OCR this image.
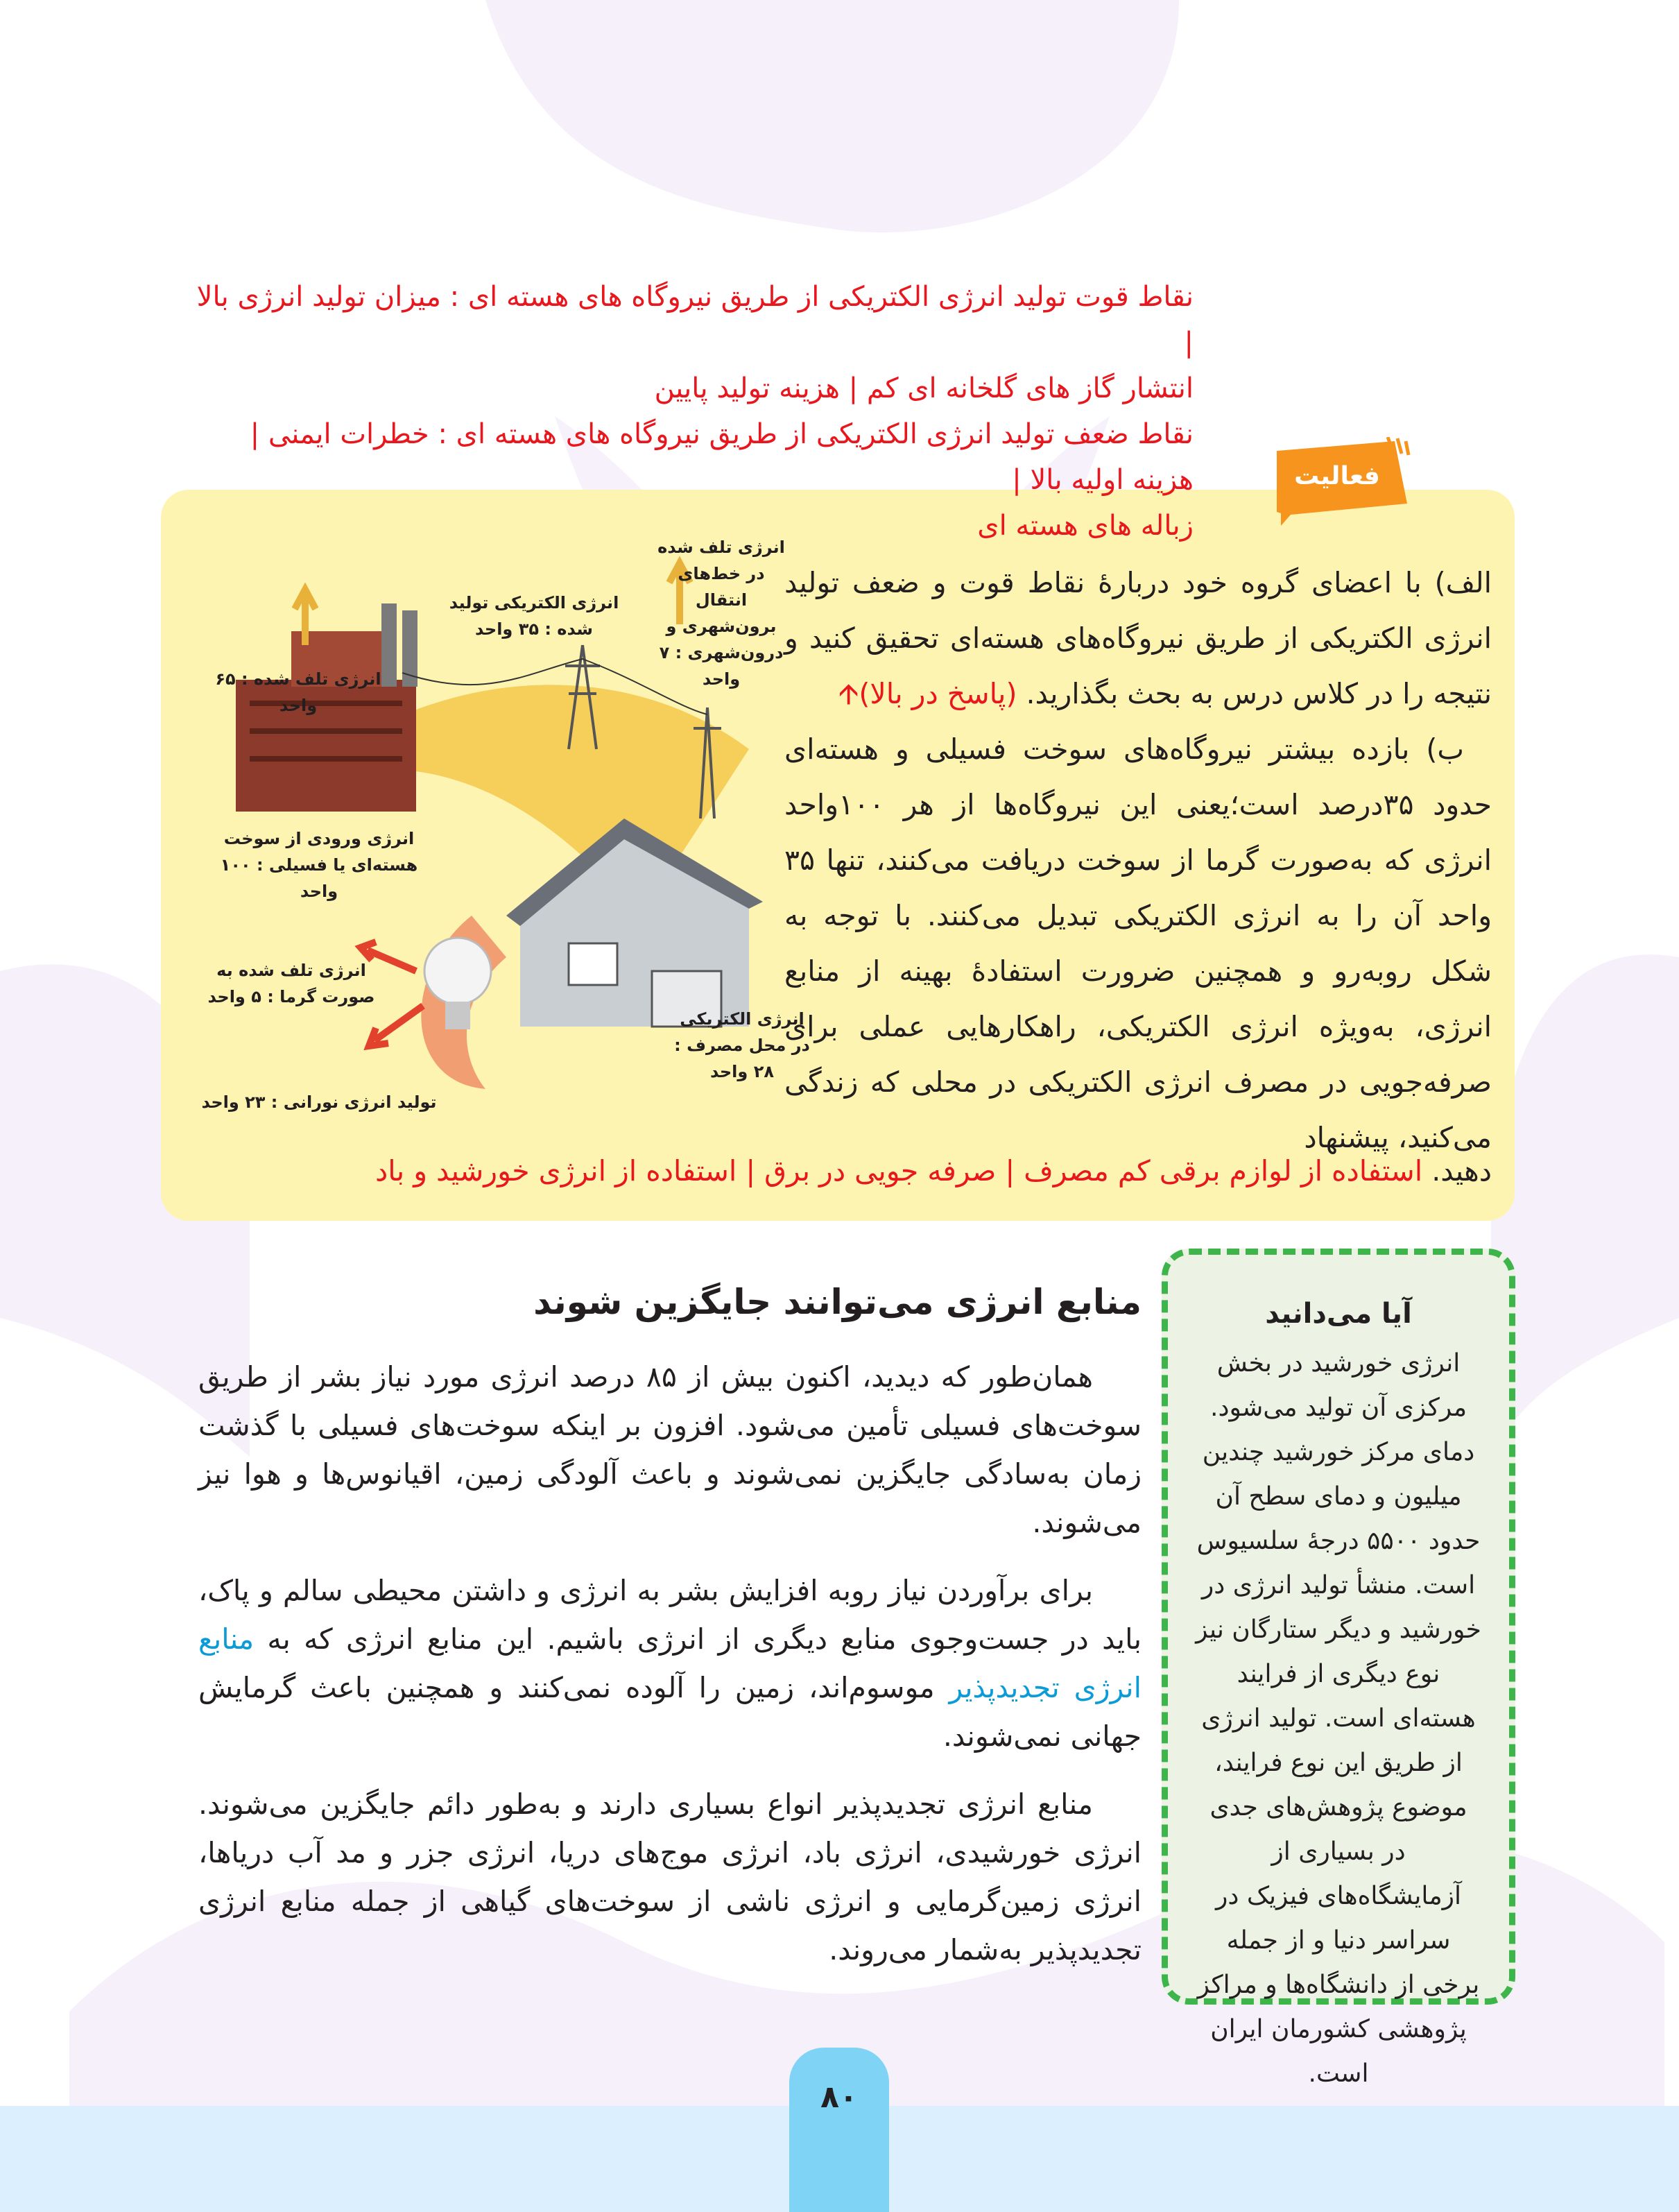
نقاط قوت تولید انرژی الکتریکی از طریق نیروگاه های هسته ای : میزان تولید انرژی بالا |

انتشار گاز های گلخانه ای کم | هزینه تولید پایین

نقاط ضعف تولید انرژی الکتریکی از طریق نیروگاه های هسته ای : خطرات ایمنی | هزینه اولیه بالا |

زباله های هسته ای

فعالیت

الف) با اعضای گروه خود دربارۀ نقاط قوت و ضعف تولید انرژی الکتریکی از طریق نیروگاه‌های هسته‌ای تحقیق کنید و نتیجه را در کلاس درس به بحث بگذارید. (پاسخ در بالا)🡩

ب) بازده بیشتر نیروگاه‌های سوخت فسیلی و هسته‌ای حدود ۳۵درصد است؛یعنی این نیروگاه‌ها از هر ۱۰۰واحد انرژی که به‌صورت گرما از سوخت دریافت می‌کنند، تنها ۳۵ واحد آن را به انرژی الکتریکی تبدیل می‌کنند. با توجه به شکل روبه‌رو و همچنین ضرورت استفادۀ بهینه از منابع انرژی، به‌ویژه انرژی الکتریکی، راهکارهایی عملی برای صرفه‌جویی در مصرف انرژی الکتریکی در محلی که زندگی می‌کنید، پیشنهاد

دهید. استفاده از لوازم برقی کم مصرف | صرفه جویی در برق | استفاده از انرژی خورشید و باد
انرژی تلف شده در خط‌های انتقال برون‌شهری و درون‌شهری : ۷ واحد
انرژی الکتریکی تولید شده : ۳۵ واحد
انرژی تلف شده : ۶۵ واحد
انرژی ورودی از سوخت هسته‌ای یا فسیلی : ۱۰۰ واحد
انرژی تلف شده به صورت گرما : ۵ واحد
تولید انرژی نورانی : ۲۳ واحد
انرژی الکتریکی در محل مصرف : ۲۸ واحد
منابع انرژی می‌توانند جایگزین شوند

همان‌طور که دیدید، اکنون بیش از ۸۵ درصد انرژی مورد نیاز بشر از طریق سوخت‌های فسیلی تأمین می‌شود. افزون بر اینکه سوخت‌های فسیلی با گذشت زمان به‌سادگی جایگزین نمی‌شوند و باعث آلودگی زمین، اقیانوس‌ها و هوا نیز می‌شوند.

برای برآوردن نیاز روبه افزایش بشر به انرژی و داشتن محیطی سالم و پاک، باید در جست‌وجوی منابع دیگری از انرژی باشیم. این منابع انرژی که به منابع انرژی تجدیدپذیر موسوم‌اند، زمین را آلوده نمی‌کنند و همچنین باعث گرمایش جهانی نمی‌شوند.

منابع انرژی تجدیدپذیر انواع بسیاری دارند و به‌طور دائم جایگزین می‌شوند. انرژی خورشیدی، انرژی باد، انرژی موج‌های دریا، انرژی جزر و مد آب دریاها، انرژی زمین‌گرمایی و انرژی ناشی از سوخت‌های گیاهی از جمله منابع انرژی تجدیدپذیر به‌شمار می‌روند.

آیا می‌دانید
انرژی خورشید در بخش مرکزی آن تولید می‌شود. دمای مرکز خورشید چندین میلیون و دمای سطح آن حدود ۵۵۰۰ درجۀ سلسیوس است. منشأ تولید انرژی در خورشید و دیگر ستارگان نیز نوع دیگری از فرایند هسته‌ای است. تولید انرژی از طریق این نوع فرایند، موضوع پژوهش‌های جدی در بسیاری از آزمایشگاه‌های فیزیک در سراسر دنیا و از جمله برخی از دانشگاه‌ها و مراکز پژوهشی کشورمان ایران است.
۸۰
